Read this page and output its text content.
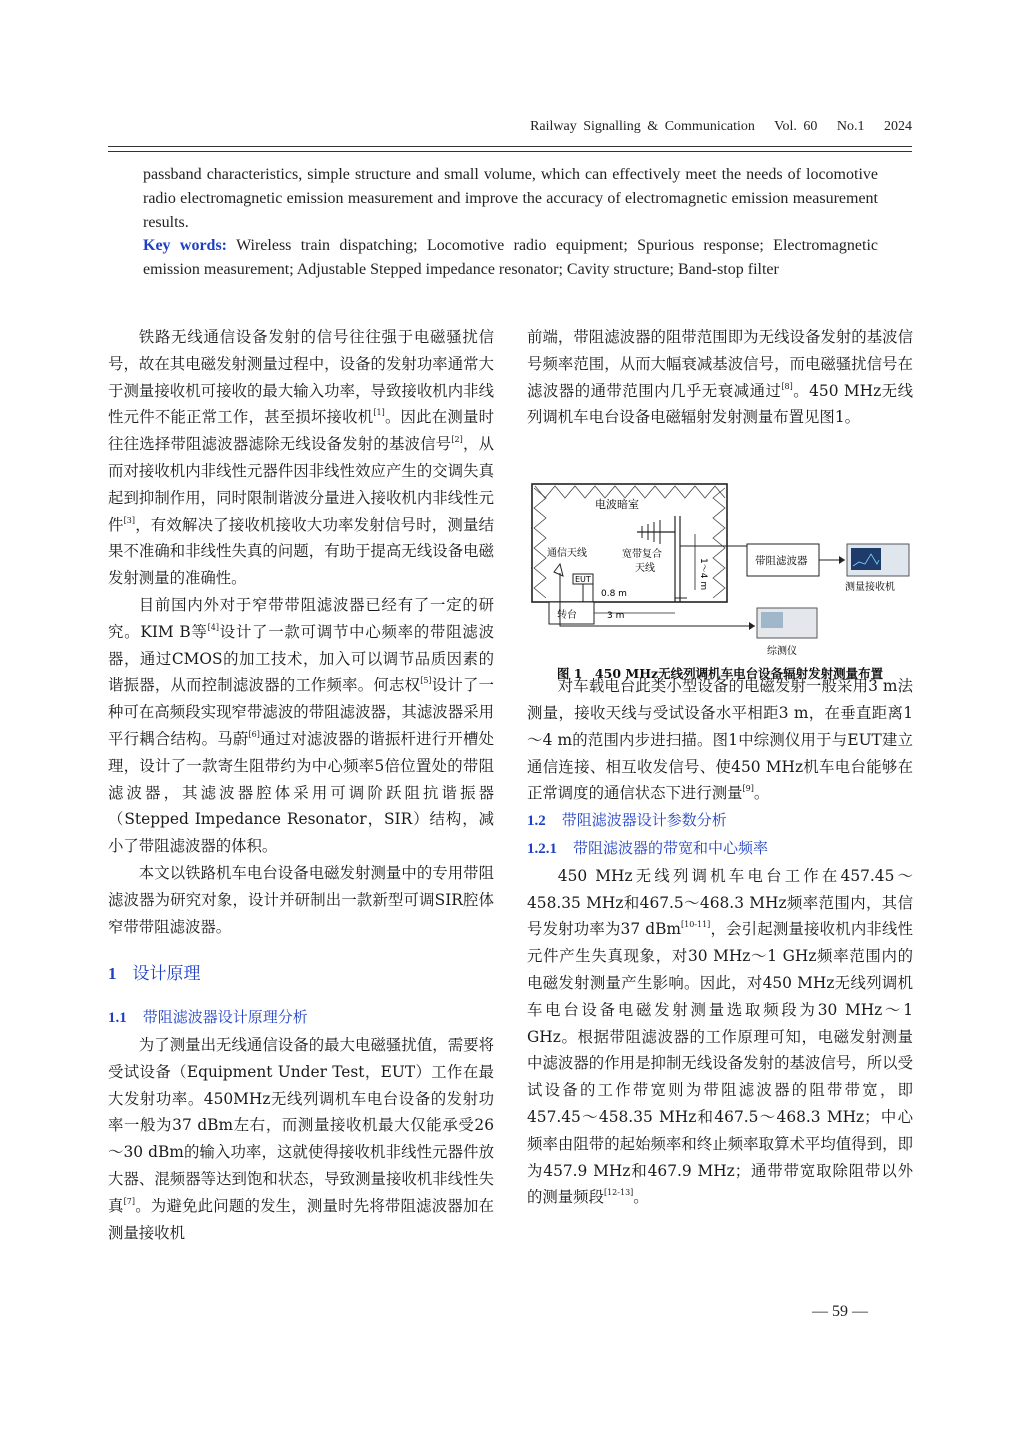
Railway Signalling & Communication Vol. 60 No.1 2024
passband characteristics, simple structure and small volume, which can effectively meet the needs of locomotive radio electromagnetic emission measurement and improve the accuracy of electromagnetic emission measurement results.
Key words: Wireless train dispatching; Locomotive radio equipment; Spurious response; Electromagnetic emission measurement; Adjustable Stepped impedance resonator; Cavity structure; Band-stop filter

铁路无线通信设备发射的信号往往强于电磁骚扰信号，故在其电磁发射测量过程中，设备的发射功率通常大于测量接收机可接收的最大输入功率，导致接收机内非线性元件不能正常工作，甚至损坏接收机[1]。因此在测量时往往选择带阻滤波器滤除无线设备发射的基波信号[2]，从而对接收机内非线性元器件因非线性效应产生的交调失真起到抑制作用，同时限制谐波分量进入接收机内非线性元件[3]，有效解决了接收机接收大功率发射信号时，测量结果不准确和非线性失真的问题，有助于提高无线设备电磁发射测量的准确性。

目前国内外对于窄带带阻滤波器已经有了一定的研究。KIM B等[4]设计了一款可调节中心频率的带阻滤波器，通过CMOS的加工技术，加入可以调节品质因素的谐振器，从而控制滤波器的工作频率。何志权[5]设计了一种可在高频段实现窄带滤波的带阻滤波器，其滤波器采用平行耦合结构。马蔚[6]通过对滤波器的谐振杆进行开槽处理，设计了一款寄生阻带约为中心频率5倍位置处的带阻滤波器，其滤波器腔体采用可调阶跃阻抗谐振器（Stepped Impedance Resonator，SIR）结构，减小了带阻滤波器的体积。

本文以铁路机车电台设备电磁发射测量中的专用带阻滤波器为研究对象，设计并研制出一款新型可调SIR腔体窄带带阻滤波器。

1 设计原理

1.1 带阻滤波器设计原理分析

为了测量出无线通信设备的最大电磁骚扰值，需要将受试设备（Equipment Under Test，EUT）工作在最大发射功率。450MHz无线列调机车电台设备的发射功率一般为37 dBm左右，而测量接收机最大仅能承受26～30 dBm的输入功率，这就使得接收机非线性元器件放大器、混频器等达到饱和状态，导致测量接收机非线性失真[7]。为避免此问题的发生，测量时先将带阻滤波器加在测量接收机

前端，带阻滤波器的阻带范围即为无线设备发射的基波信号频率范围，从而大幅衰减基波信号，而电磁骚扰信号在滤波器的通带范围内几乎无衰减通过[8]。450 MHz无线列调机车电台设备电磁辐射发射测量布置见图1。

对车载电台此类小型设备的电磁发射一般采用3 m法测量，接收天线与受试设备水平相距3 m，在垂直距离1～4 m的范围内步进扫描。图1中综测仪用于与EUT建立通信连接、相互收发信号、使450 MHz机车电台能够在正常调度的通信状态下进行测量[9]。

1.2 带阻滤波器设计参数分析

1.2.1 带阻滤波器的带宽和中心频率

450 MHz无线列调机车电台工作在457.45～458.35 MHz和467.5～468.3 MHz频率范围内，其信号发射功率为37 dBm[10-11]，会引起测量接收机内非线性元件产生失真现象，对30 MHz～1 GHz频率范围内的电磁发射测量产生影响。因此，对450 MHz无线列调机车电台设备电磁发射测量选取频段为30 MHz～1 GHz。根据带阻滤波器的工作原理可知，电磁发射测量中滤波器的作用是抑制无线设备发射的基波信号，所以受试设备的工作带宽则为带阻滤波器的阻带带宽，即457.45～458.35 MHz和467.5～468.3 MHz；中心频率由阻带的起始频率和终止频率取算术平均值得到，即为457.9 MHz和467.9 MHz；通带带宽取除阻带以外的测量频段[12-13]。

电波暗室
通信天线
EUT
0.8 m
宽带复合
天线	1～4 m
转台	3 m
带阻滤波器
测量接收机
综测仪
图 1　450 MHz无线列调机车电台设备辐射发射测量布置
— 59 —
